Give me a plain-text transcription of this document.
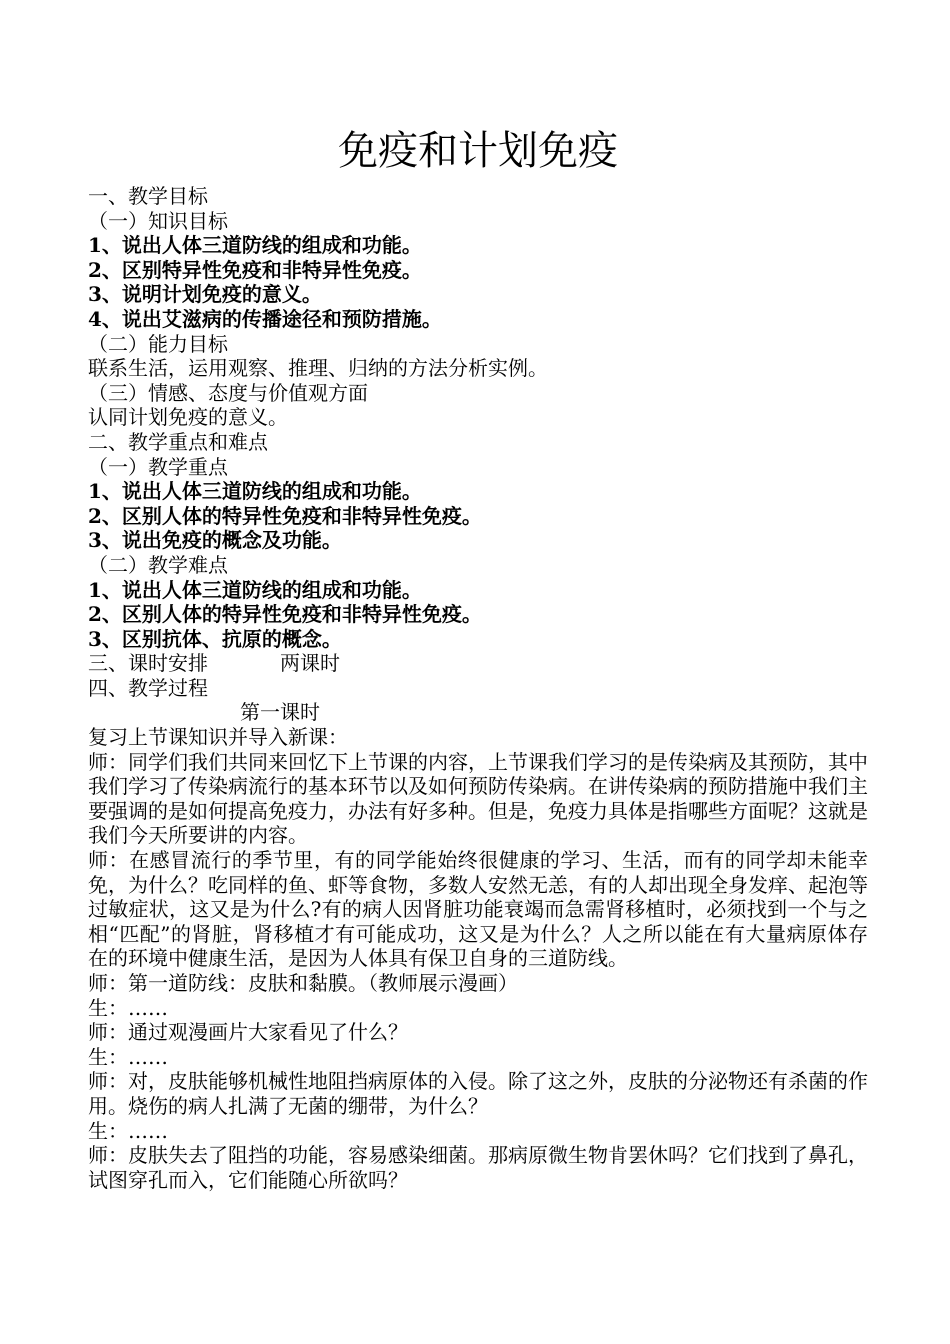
免疫和计划免疫

一、教学目标

（一）知识目标

1、说出人体三道防线的组成和功能。

2、区别特异性免疫和非特异性免疫。

3、说明计划免疫的意义。

4、说出艾滋病的传播途径和预防措施。

（二）能力目标

联系生活，运用观察、推理、归纳的方法分析实例。

（三）情感、态度与价值观方面

认同计划免疫的意义。

二、教学重点和难点

（一）教学重点

1、说出人体三道防线的组成和功能。

2、区别人体的特异性免疫和非特异性免疫。

3、说出免疫的概念及功能。

（二）教学难点

1、说出人体三道防线的组成和功能。

2、区别人体的特异性免疫和非特异性免疫。

3、区别抗体、抗原的概念。

三、课时安排	两课时

四、教学过程

第一课时

复习上节课知识并导入新课：

师：同学们我们共同来回忆下上节课的内容，上节课我们学习的是传染病及其预防，其中我们学习了传染病流行的基本环节以及如何预防传染病。在讲传染病的预防措施中我们主要强调的是如何提高免疫力，办法有好多种。但是，免疫力具体是指哪些方面呢？这就是我们今天所要讲的内容。

师：在感冒流行的季节里，有的同学能始终很健康的学习、生活，而有的同学却未能幸免，为什么？吃同样的鱼、虾等食物，多数人安然无恙，有的人却出现全身发痒、起泡等过敏症状，这又是为什么?有的病人因肾脏功能衰竭而急需肾移植时，必须找到一个与之相“匹配”的肾脏，肾移植才有可能成功，这又是为什么？人之所以能在有大量病原体存在的环境中健康生活，是因为人体具有保卫自身的三道防线。

师：第一道防线：皮肤和黏膜。（教师展示漫画）

生：……

师：通过观漫画片大家看见了什么？

生：……

师：对，皮肤能够机械性地阻挡病原体的入侵。除了这之外，皮肤的分泌物还有杀菌的作用。烧伤的病人扎满了无菌的绷带，为什么？

生：……

师：皮肤失去了阻挡的功能，容易感染细菌。那病原微生物肯罢休吗？它们找到了鼻孔，试图穿孔而入，它们能随心所欲吗？
